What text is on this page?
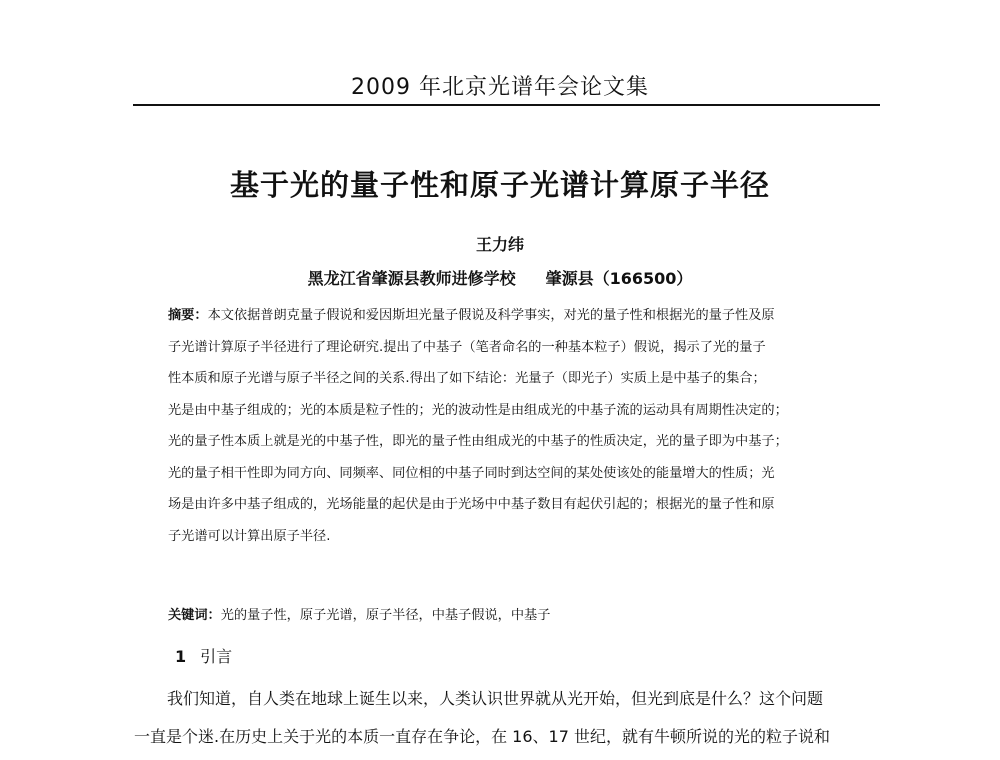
2009 年北京光谱年会论文集
基于光的量子性和原子光谱计算原子半径
王力纬
黑龙江省肇源县教师进修学校 肇源县（166500）
摘要：本文依据普朗克量子假说和爱因斯坦光量子假说及科学事实，对光的量子性和根据光的量子性及原
子光谱计算原子半径进行了理论研究.提出了中基子（笔者命名的一种基本粒子）假说，揭示了光的量子
性本质和原子光谱与原子半径之间的关系.得出了如下结论：光量子（即光子）实质上是中基子的集合；
光是由中基子组成的；光的本质是粒子性的；光的波动性是由组成光的中基子流的运动具有周期性决定的；
光的量子性本质上就是光的中基子性，即光的量子性由组成光的中基子的性质决定，光的量子即为中基子；
光的量子相干性即为同方向、同频率、同位相的中基子同时到达空间的某处使该处的能量增大的性质；光
场是由许多中基子组成的，光场能量的起伏是由于光场中中基子数目有起伏引起的；根据光的量子性和原
子光谱可以计算出原子半径.
关键词：光的量子性，原子光谱，原子半径，中基子假说，中基子
1 引言
我们知道，自人类在地球上诞生以来，人类认识世界就从光开始，但光到底是什么？这个问题
一直是个迷.在历史上关于光的本质一直存在争论，在 16、17 世纪，就有牛顿所说的光的粒子说和
